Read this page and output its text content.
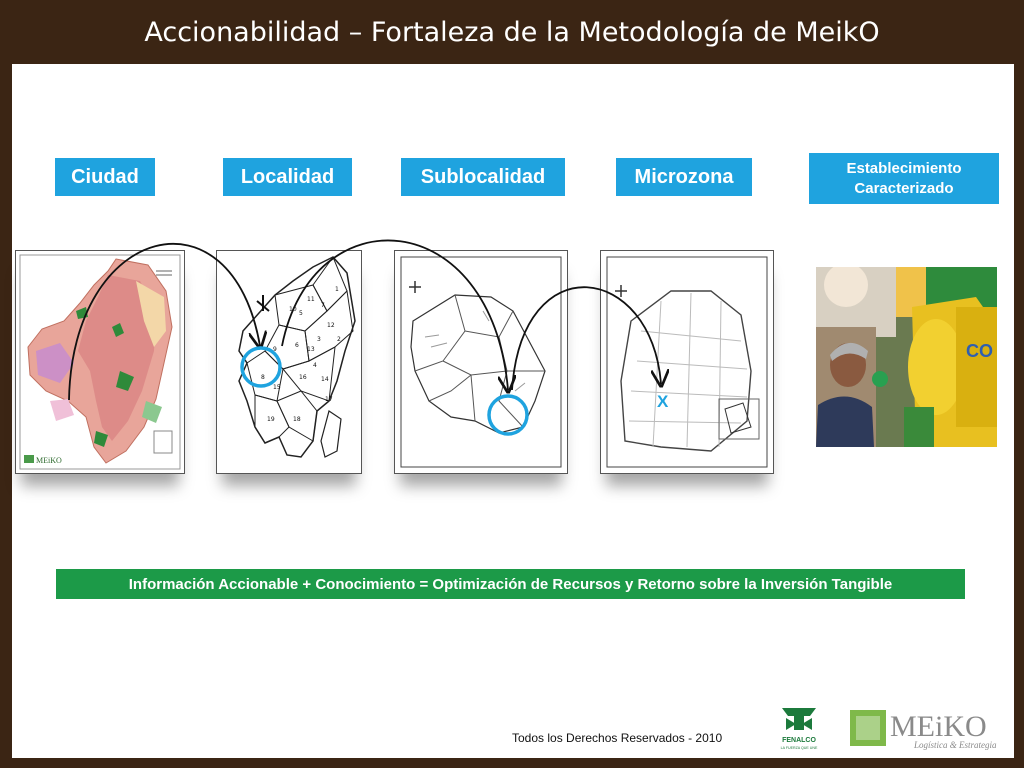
Accionabilidad – Fortaleza de la Metodología de MeikO
Ciudad	Localidad	Sublocalidad	Microzona	Establecimiento
Caracterizado
MEiKO
1
2
3
4
5
6
7
8
9
10
11
12
13
14
15
16
17
18
19
CO
X
Información Accionable + Conocimiento = Optimización de Recursos y Retorno sobre la Inversión Tangible
Todos los Derechos Reservados - 2010	FENALCO
LA FUERZA QUE UNE
MEiKO
Logística & Estrategia
